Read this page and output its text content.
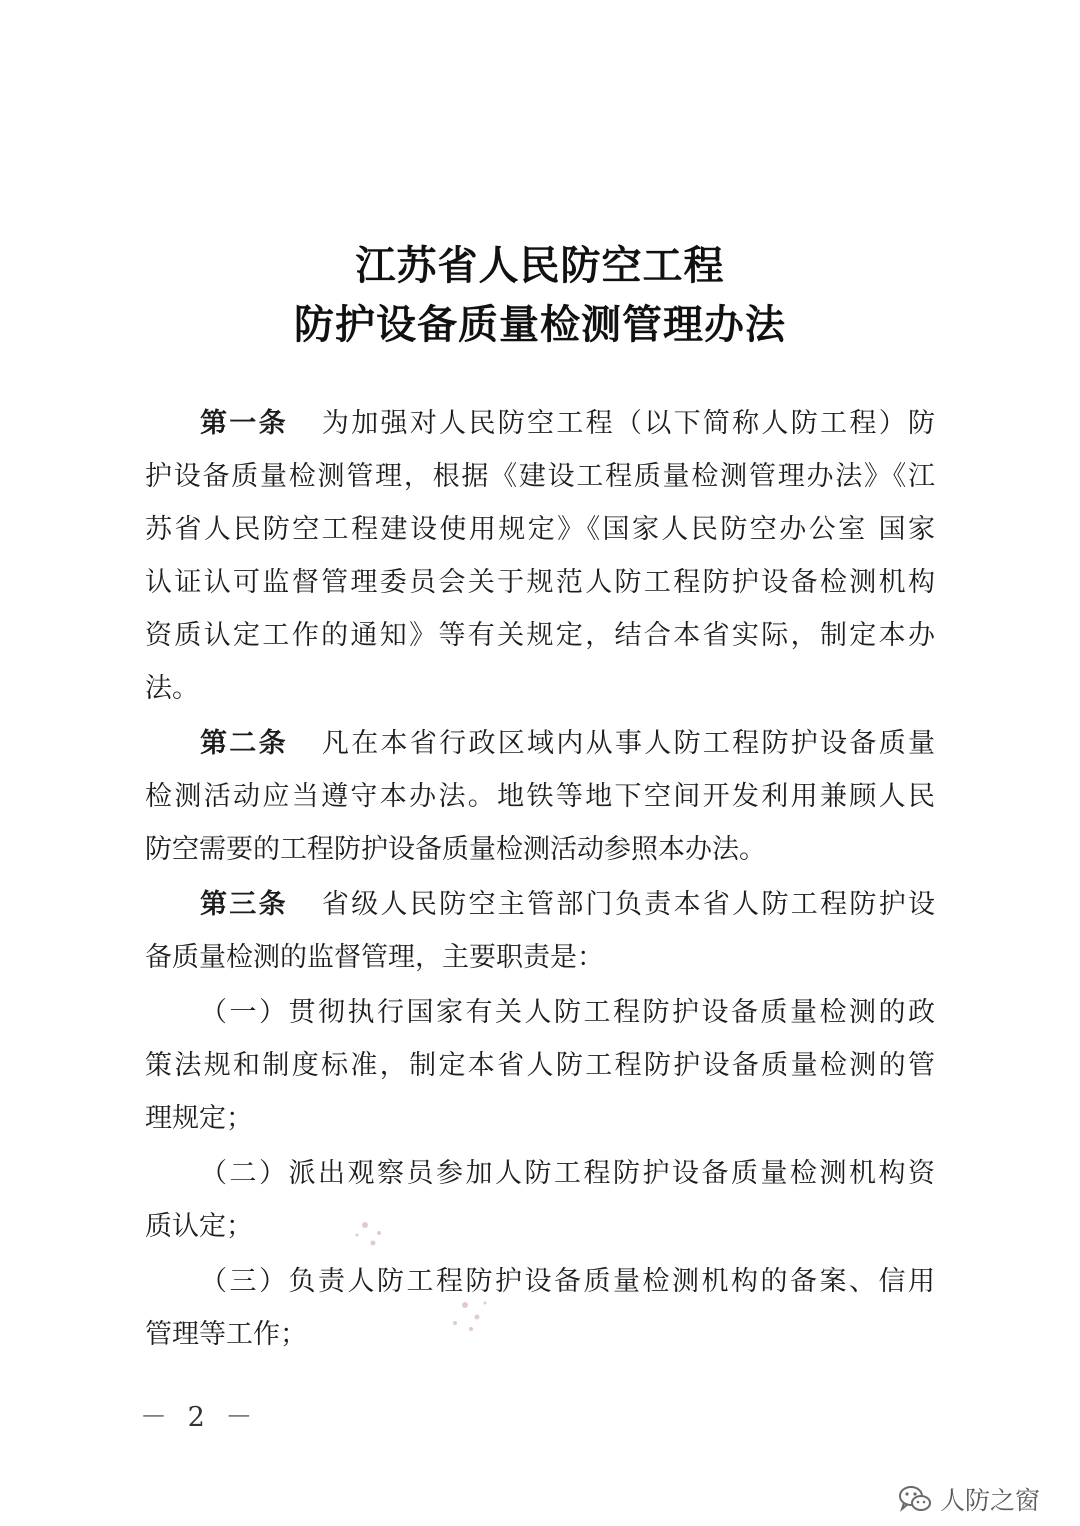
江苏省人民防空工程
防护设备质量检测管理办法
第一条 为加强对人民防空工程（以下简称人防工程）防
护设备质量检测管理，根据《建设工程质量检测管理办法》《江
苏省人民防空工程建设使用规定》《国家人民防空办公室 国家
认证认可监督管理委员会关于规范人防工程防护设备检测机构
资质认定工作的通知》等有关规定，结合本省实际，制定本办
法。
第二条 凡在本省行政区域内从事人防工程防护设备质量
检测活动应当遵守本办法。地铁等地下空间开发利用兼顾人民
防空需要的工程防护设备质量检测活动参照本办法。
第三条 省级人民防空主管部门负责本省人防工程防护设
备质量检测的监督管理，主要职责是：
（一）贯彻执行国家有关人防工程防护设备质量检测的政
策法规和制度标准，制定本省人防工程防护设备质量检测的管
理规定；
（二）派出观察员参加人防工程防护设备质量检测机构资
质认定；
（三）负责人防工程防护设备质量检测机构的备案、信用
管理等工作；
－ 2 －
人防之窗
